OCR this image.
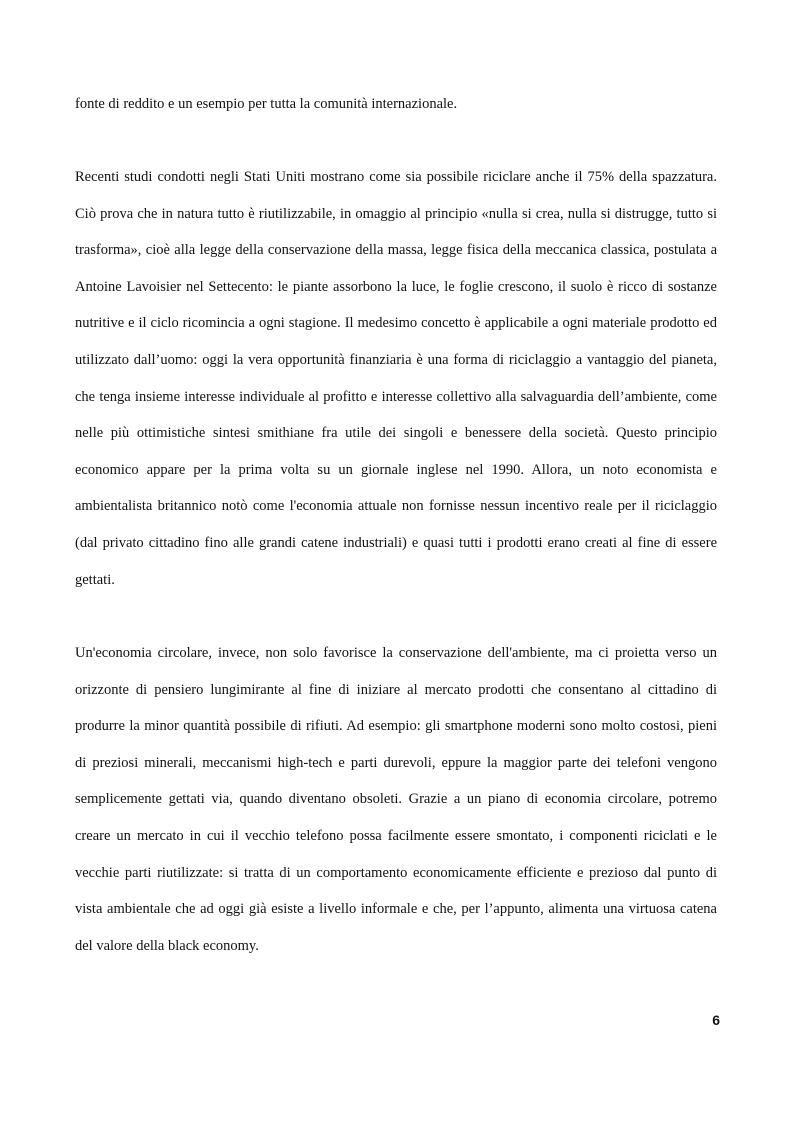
fonte di reddito e un esempio per tutta la comunità internazionale.

Recenti studi condotti negli Stati Uniti mostrano come sia possibile riciclare anche il 75% della spazzatura. Ciò prova che in natura tutto è riutilizzabile, in omaggio al principio «nulla si crea, nulla si distrugge, tutto si trasforma», cioè alla legge della conservazione della massa, legge fisica della meccanica classica, postulata a Antoine Lavoisier nel Settecento: le piante assorbono la luce, le foglie crescono, il suolo è ricco di sostanze nutritive e il ciclo ricomincia a ogni stagione. Il medesimo concetto è applicabile a ogni materiale prodotto ed utilizzato dall’uomo: oggi la vera opportunità finanziaria è una forma di riciclaggio a vantaggio del pianeta, che tenga insieme interesse individuale al profitto e interesse collettivo alla salvaguardia dell’ambiente, come nelle più ottimistiche sintesi smithiane fra utile dei singoli e benessere della società. Questo principio economico appare per la prima volta su un giornale inglese nel 1990. Allora, un noto economista e ambientalista britannico notò come l'economia attuale non fornisse nessun incentivo reale per il riciclaggio (dal privato cittadino fino alle grandi catene industriali) e quasi tutti i prodotti erano creati al fine di essere gettati.

Un'economia circolare, invece, non solo favorisce la conservazione dell'ambiente, ma ci proietta verso un orizzonte di pensiero lungimirante al fine di iniziare al mercato prodotti che consentano al cittadino di produrre la minor quantità possibile di rifiuti. Ad esempio: gli smartphone moderni sono molto costosi, pieni di preziosi minerali, meccanismi high-tech e parti durevoli, eppure la maggior parte dei telefoni vengono semplicemente gettati via, quando diventano obsoleti. Grazie a un piano di economia circolare, potremo creare un mercato in cui il vecchio telefono possa facilmente essere smontato, i componenti riciclati e le vecchie parti riutilizzate: si tratta di un comportamento economicamente efficiente e prezioso dal punto di vista ambientale che ad oggi già esiste a livello informale e che, per l’appunto, alimenta una virtuosa catena del valore della black economy.

6
